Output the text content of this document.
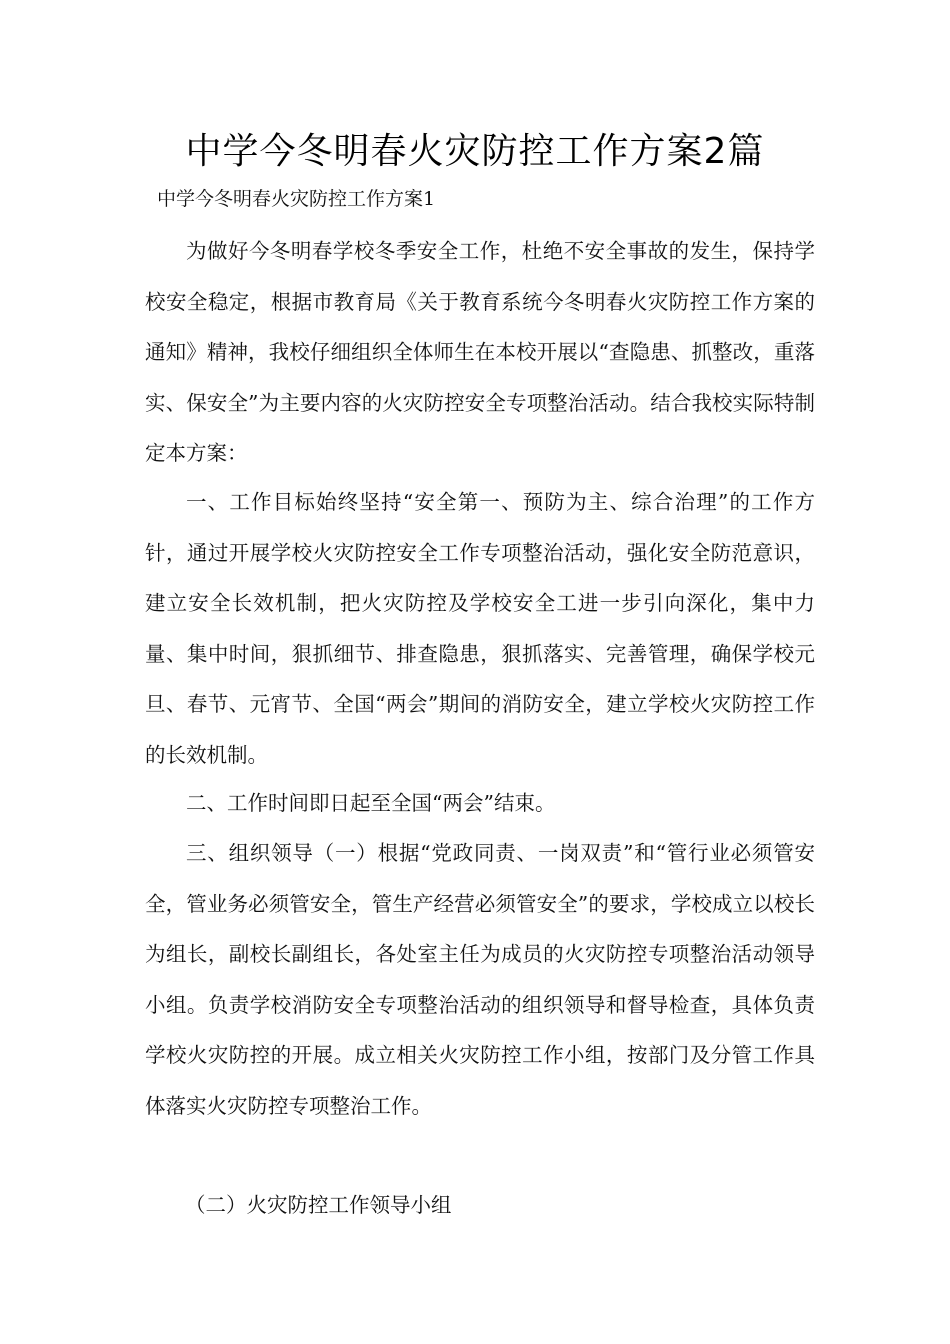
中学今冬明春火灾防控工作方案2篇
中学今冬明春火灾防控工作方案1

为做好今冬明春学校冬季安全工作，杜绝不安全事故的发生，保持学校安全稳定，根据市教育局《关于教育系统今冬明春火灾防控工作方案的通知》精神，我校仔细组织全体师生在本校开展以“查隐患、抓整改，重落实、保安全”为主要内容的火灾防控安全专项整治活动。结合我校实际特制定本方案：

一、工作目标始终坚持“安全第一、预防为主、综合治理”的工作方针，通过开展学校火灾防控安全工作专项整治活动，强化安全防范意识，建立安全长效机制，把火灾防控及学校安全工进一步引向深化，集中力量、集中时间，狠抓细节、排查隐患，狠抓落实、完善管理，确保学校元旦、春节、元宵节、全国“两会”期间的消防安全，建立学校火灾防控工作的长效机制。

二、工作时间即日起至全国“两会”结束。

三、组织领导（一）根据“党政同责、一岗双责”和“管行业必须管安全，管业务必须管安全，管生产经营必须管安全”的要求，学校成立以校长为组长，副校长副组长，各处室主任为成员的火灾防控专项整治活动领导小组。负责学校消防安全专项整治活动的组织领导和督导检查，具体负责学校火灾防控的开展。成立相关火灾防控工作小组，按部门及分管工作具体落实火灾防控专项整治工作。

（二）火灾防控工作领导小组
